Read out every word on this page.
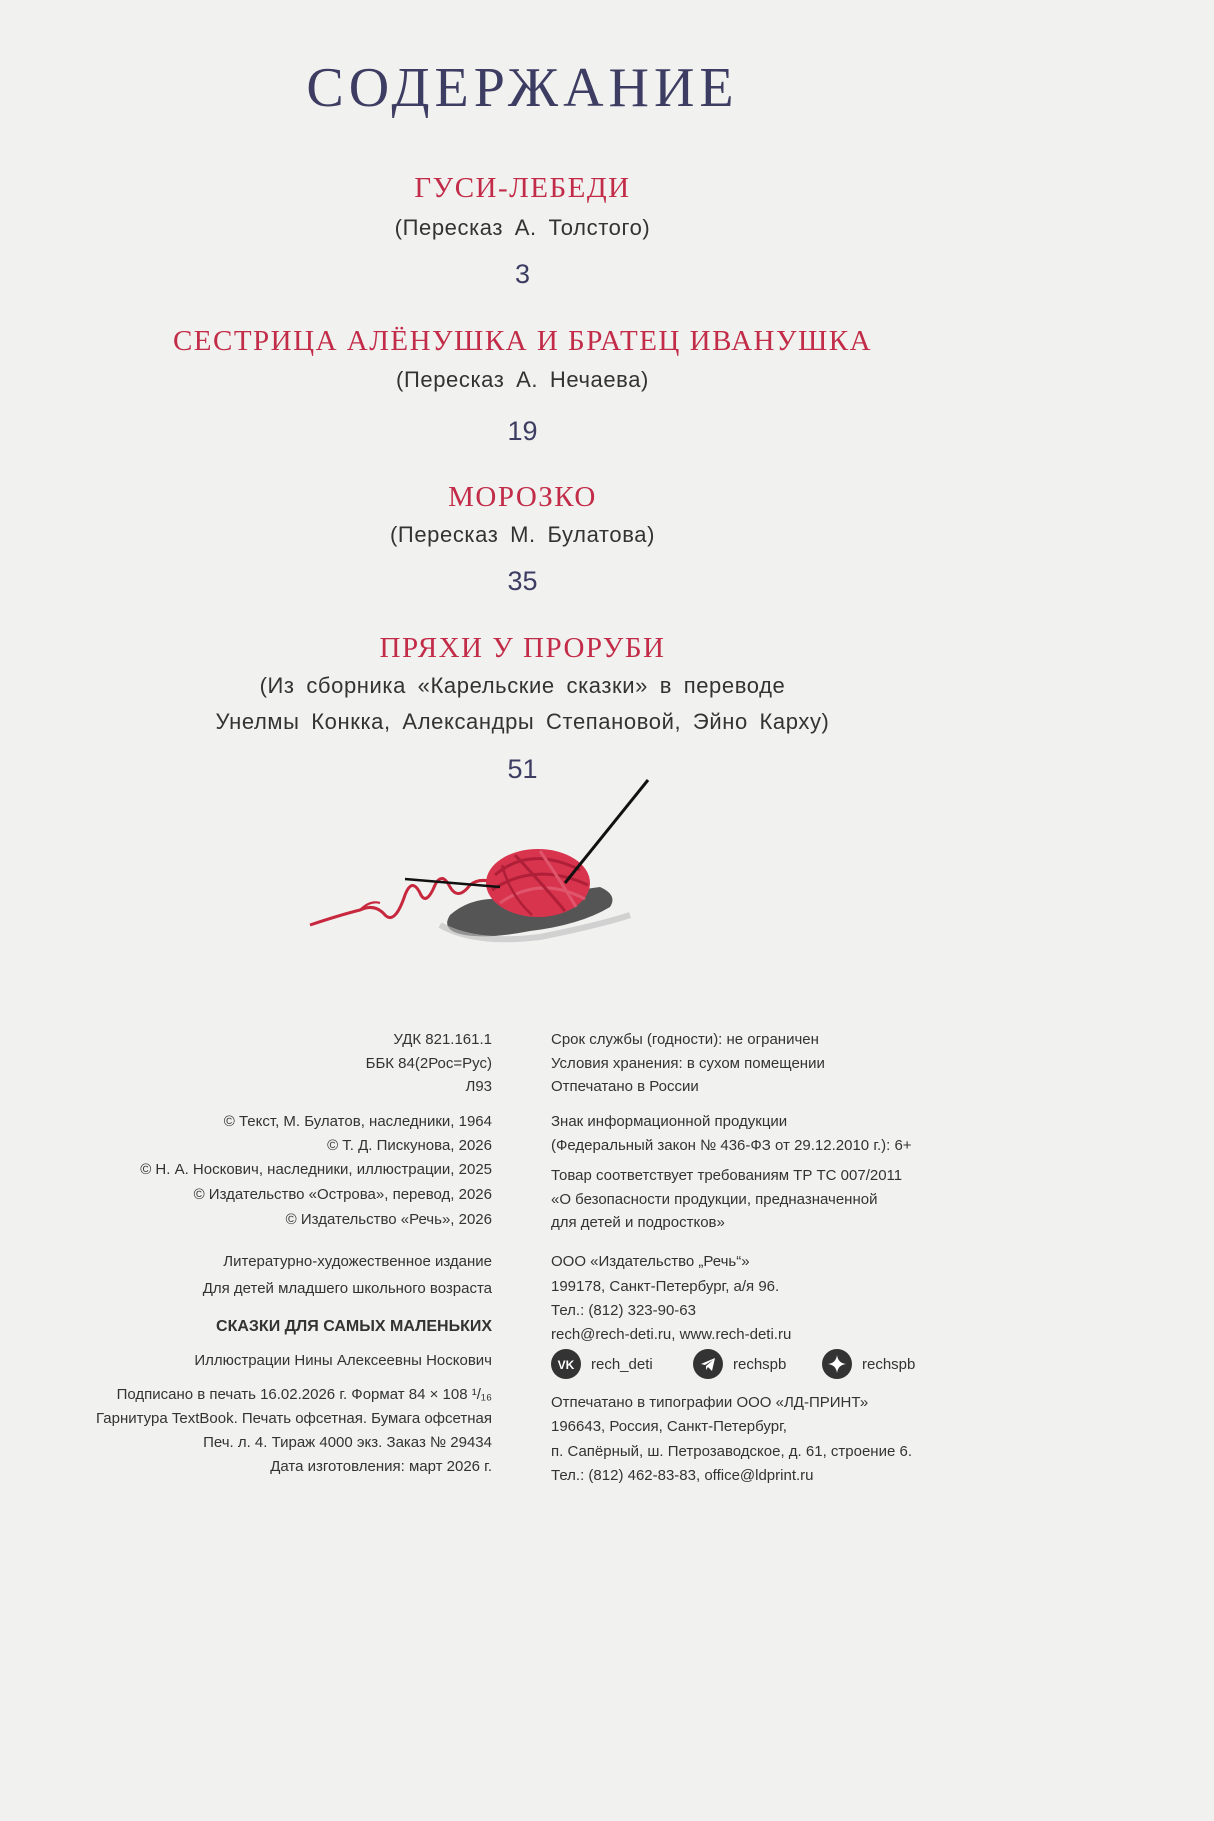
СОДЕРЖАНИЕ
ГУСИ-ЛЕБЕДИ
(Пересказ А. Толстого)
3
СЕСТРИЦА АЛЁНУШКА И БРАТЕЦ ИВАНУШКА
(Пересказ А. Нечаева)
19
МОРОЗКО
(Пересказ М. Булатова)
35
ПРЯХИ У ПРОРУБИ
(Из сборника «Карельские сказки» в переводе
Унелмы Конкка, Александры Степановой, Эйно Карху)
51
УДК 821.161.1
ББК 84(2Рос=Рус)
Л93
© Текст, М. Булатов, наследники, 1964
© Т. Д. Пискунова, 2026
© Н. А. Носкович, наследники, иллюстрации, 2025
© Издательство «Острова», перевод, 2026
© Издательство «Речь», 2026
Литературно-художественное издание
Для детей младшего школьного возраста
СКАЗКИ ДЛЯ САМЫХ МАЛЕНЬКИХ
Иллюстрации Нины Алексеевны Носкович
Подписано в печать 16.02.2026 г. Формат 84 × 108 ¹/₁₆
Гарнитура TextBook. Печать офсетная. Бумага офсетная
Печ. л. 4. Тираж 4000 экз. Заказ № 29434
Дата изготовления: март 2026 г.
Срок службы (годности): не ограничен
Условия хранения: в сухом помещении
Отпечатано в России
Знак информационной продукции
(Федеральный закон № 436-ФЗ от 29.12.2010 г.): 6+
Товар соответствует требованиям ТР ТС 007/2011
«О безопасности продукции, предназначенной
для детей и подростков»
ООО «Издательство „Речь“»
199178, Санкт-Петербург, а/я 96.
Тел.: (812) 323-90-63
rech@rech-deti.ru, www.rech-deti.ru
VK rech_deti	rechspb	rechspb
Отпечатано в типографии ООО «ЛД-ПРИНТ»
196643, Россия, Санкт-Петербург,
п. Сапёрный, ш. Петрозаводское, д. 61, строение 6.
Тел.: (812) 462-83-83, office@ldprint.ru
